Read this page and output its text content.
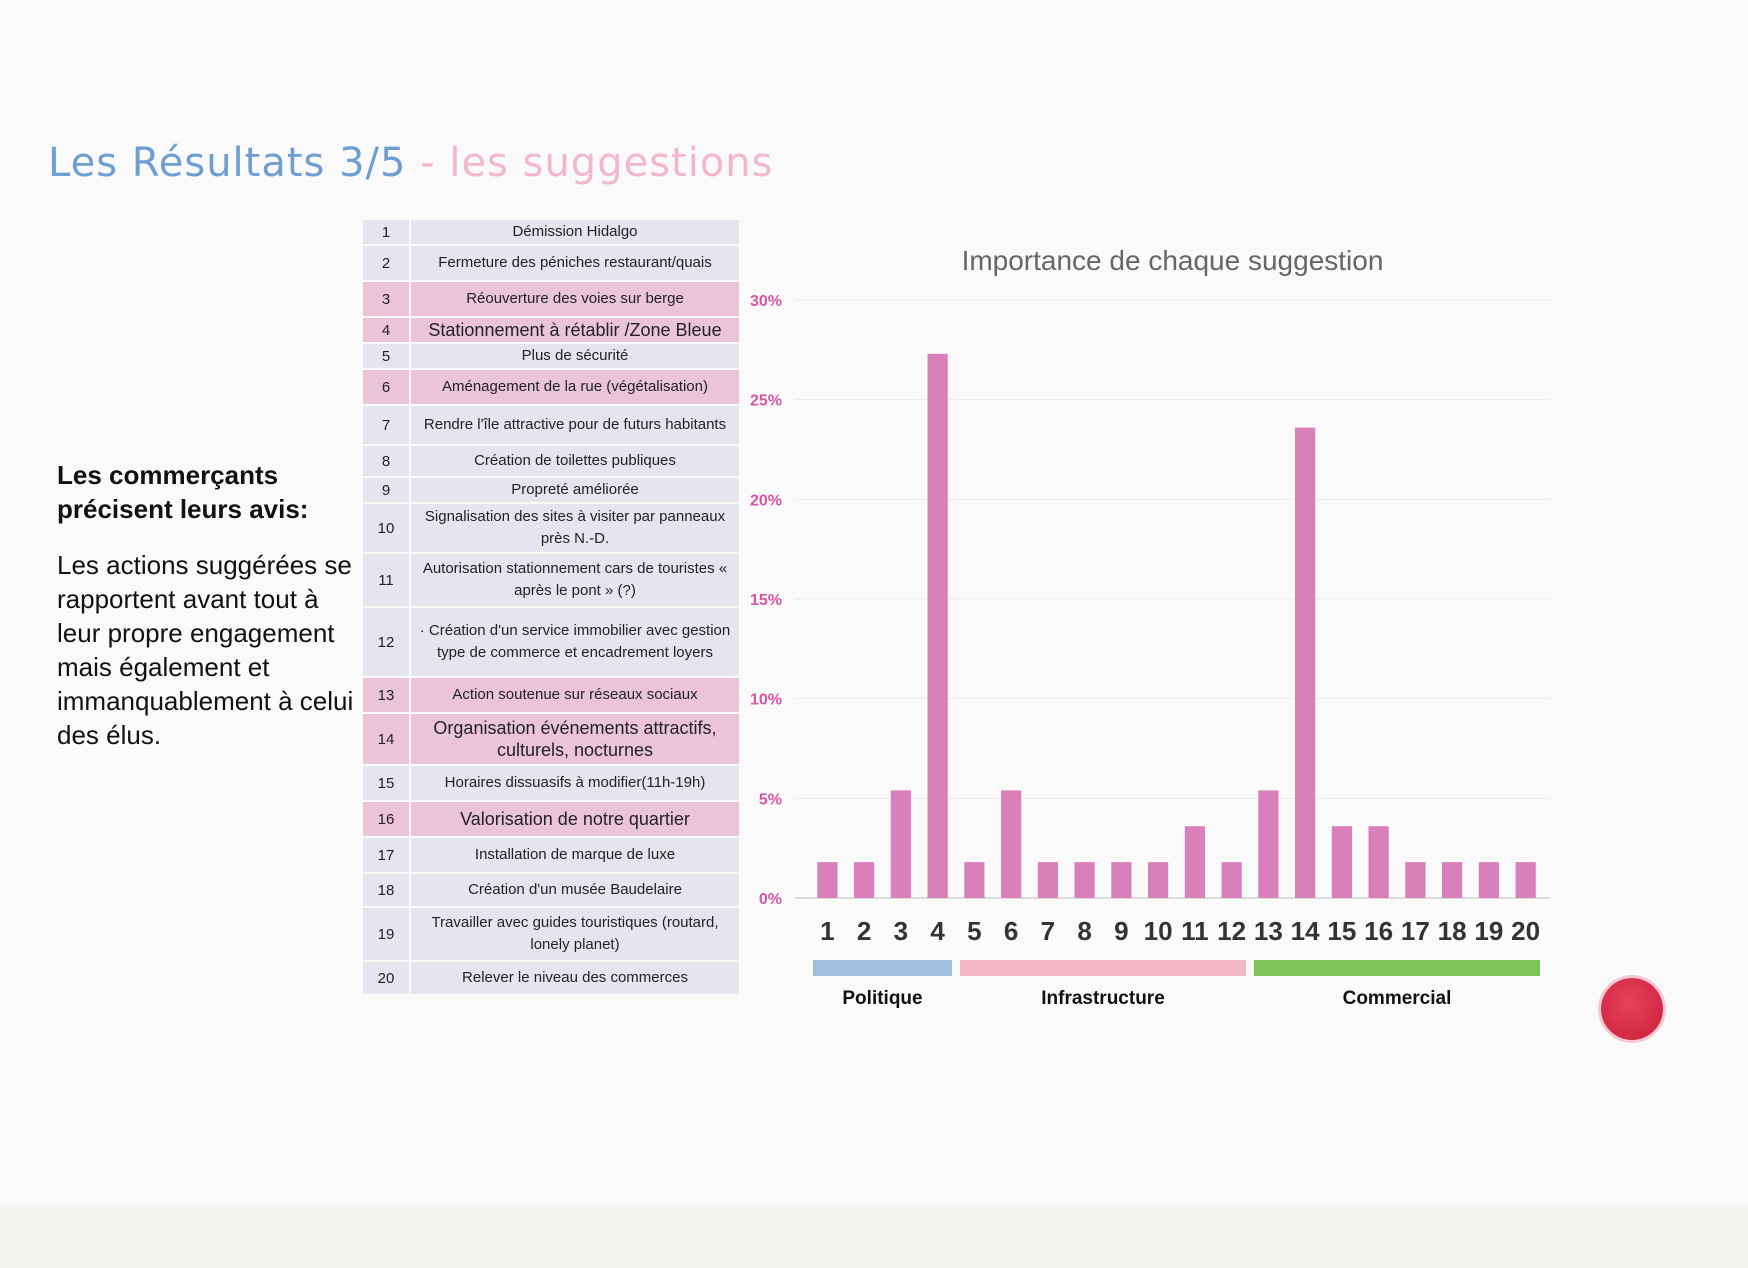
Les Résultats 3/5 - les suggestions
Les commerçants précisent leurs avis:
Les actions suggérées se rapportent avant tout à leur propre engagement mais également et immanquablement à celui des élus.
1	Démission Hidalgo
2	Fermeture des péniches restaurant/quais
3	Réouverture des voies sur berge
4	Stationnement à rétablir /Zone Bleue
5	Plus de sécurité
6	Aménagement de la rue (végétalisation)
7	Rendre l'île attractive pour de futurs habitants
8	Création de toilettes publiques
9	Propreté améliorée
10	Signalisation des sites à visiter par panneaux près N.-D.
11	Autorisation stationnement cars de touristes « après le pont » (?)
12	· Création d'un service immobilier avec gestion type de commerce et encadrement loyers
13	Action soutenue sur réseaux sociaux
14	Organisation événements attractifs, culturels, nocturnes
15	Horaires dissuasifs à modifier(11h-19h)
16	Valorisation de notre quartier
17	Installation de marque de luxe
18	Création d'un musée Baudelaire
19	Travailler avec guides touristiques (routard, lonely planet)
20	Relever le niveau des commerces
Importance de chaque suggestion
0%
5%
10%
15%
20%
25%
30%
1 2 3 4 5 6 7 8 9 10 11 12 13 14 15 16 17 18 19 20
Politique	Infrastructure	Commercial
